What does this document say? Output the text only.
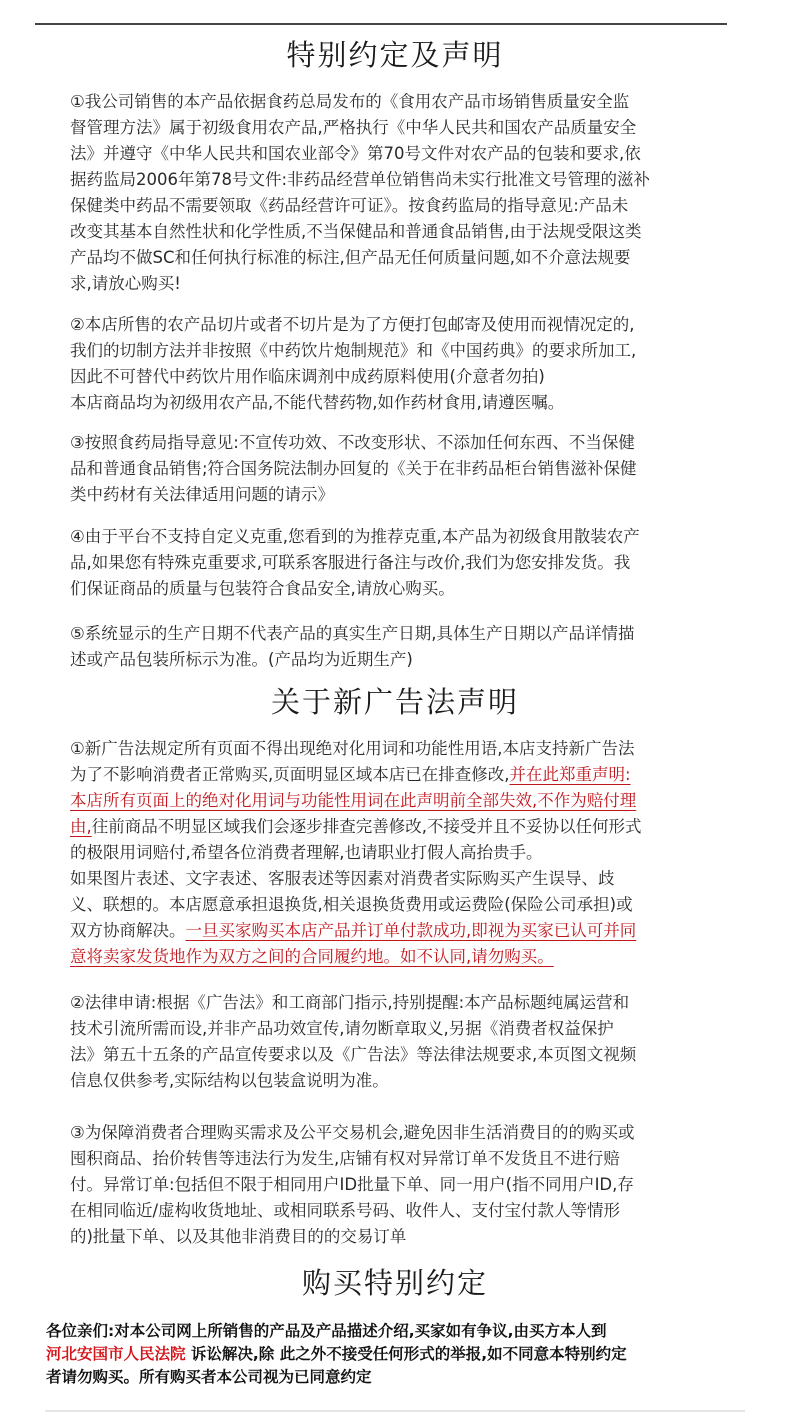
特别约定及声明
①我公司销售的本产品依据食药总局发布的《食用农产品市场销售质量安全监
督管理方法》属于初级食用农产品,严格执行《中华人民共和国农产品质量安全
法》并遵守《中华人民共和国农业部令》第70号文件对农产品的包装和要求,依
据药监局2006年第78号文件:非药品经营单位销售尚未实行批准文号管理的滋补
保健类中药品不需要领取《药品经营许可证》。按食药监局的指导意见:产品未
改变其基本自然性状和化学性质,不当保健品和普通食品销售,由于法规受限这类
产品均不做SC和任何执行标准的标注,但产品无任何质量问题,如不介意法规要
求,请放心购买!
②本店所售的农产品切片或者不切片是为了方便打包邮寄及使用而视情况定的,
我们的切制方法并非按照《中药饮片炮制规范》和《中国药典》的要求所加工,
因此不可替代中药饮片用作临床调剂中成药原料使用(介意者勿拍)
本店商品均为初级用农产品,不能代替药物,如作药材食用,请遵医嘱。
③按照食药局指导意见:不宣传功效、不改变形状、不添加任何东西、不当保健
品和普通食品销售;符合国务院法制办回复的《关于在非药品柜台销售滋补保健
类中药材有关法律适用问题的请示》
④由于平台不支持自定义克重,您看到的为推荐克重,本产品为初级食用散装农产
品,如果您有特殊克重要求,可联系客服进行备注与改价,我们为您安排发货。我
们保证商品的质量与包装符合食品安全,请放心购买。
⑤系统显示的生产日期不代表产品的真实生产日期,具体生产日期以产品详情描
述或产品包装所标示为准。(产品均为近期生产)
关于新广告法声明
①新广告法规定所有页面不得出现绝对化用词和功能性用语,本店支持新广告法
为了不影响消费者正常购买,页面明显区域本店已在排查修改,并在此郑重声明:
本店所有页面上的绝对化用词与功能性用词在此声明前全部失效,不作为赔付理
由,往前商品不明显区域我们会逐步排查完善修改,不接受并且不妥协以任何形式
的极限用词赔付,希望各位消费者理解,也请职业打假人高抬贵手。
如果图片表述、文字表述、客服表述等因素对消费者实际购买产生误导、歧
义、联想的。本店愿意承担退换货,相关退换货费用或运费险(保险公司承担)或
双方协商解决。一旦买家购买本店产品并订单付款成功,即视为买家已认可并同
意将卖家发货地作为双方之间的合同履约地。如不认同,请勿购买。
②法律申请:根据《广告法》和工商部门指示,持别提醒:本产品标题纯属运营和
技术引流所需而设,并非产品功效宣传,请勿断章取义,另据《消费者权益保护
法》第五十五条的产品宣传要求以及《广告法》等法律法规要求,本页图文视频
信息仅供参考,实际结构以包装盒说明为准。
③为保障消费者合理购买需求及公平交易机会,避免因非生活消费目的的购买或
囤积商品、抬价转售等违法行为发生,店铺有权对异常订单不发货且不进行赔
付。异常订单:包括但不限于相同用户ID批量下单、同一用户(指不同用户ID,存
在相同临近/虚构收货地址、或相同联系号码、收件人、支付宝付款人等情形
的)批量下单、以及其他非消费目的的交易订单
购买特别约定
各位亲们:对本公司网上所销售的产品及产品描述介绍,买家如有争议,由买方本人到
河北安国市人民法院 诉讼解决,除 此之外不接受任何形式的举报,如不同意本特别约定
者请勿购买。所有购买者本公司视为已同意约定
